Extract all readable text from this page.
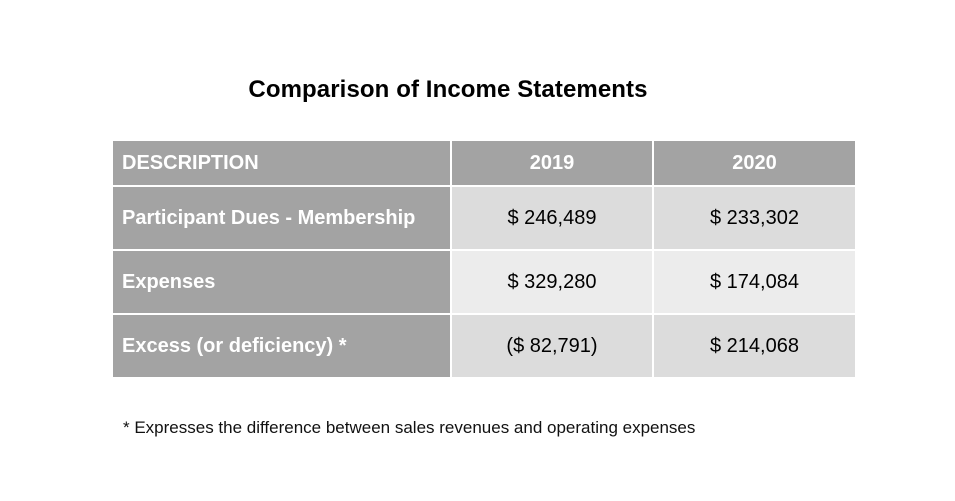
Comparison of Income Statements
DESCRIPTION	2019	2020
Participant Dues - Membership	$ 246,489	$ 233,302
Expenses	$ 329,280	$ 174,084
Excess (or deficiency) *	($ 82,791)	$ 214,068
* Expresses the difference between sales revenues and operating expenses
